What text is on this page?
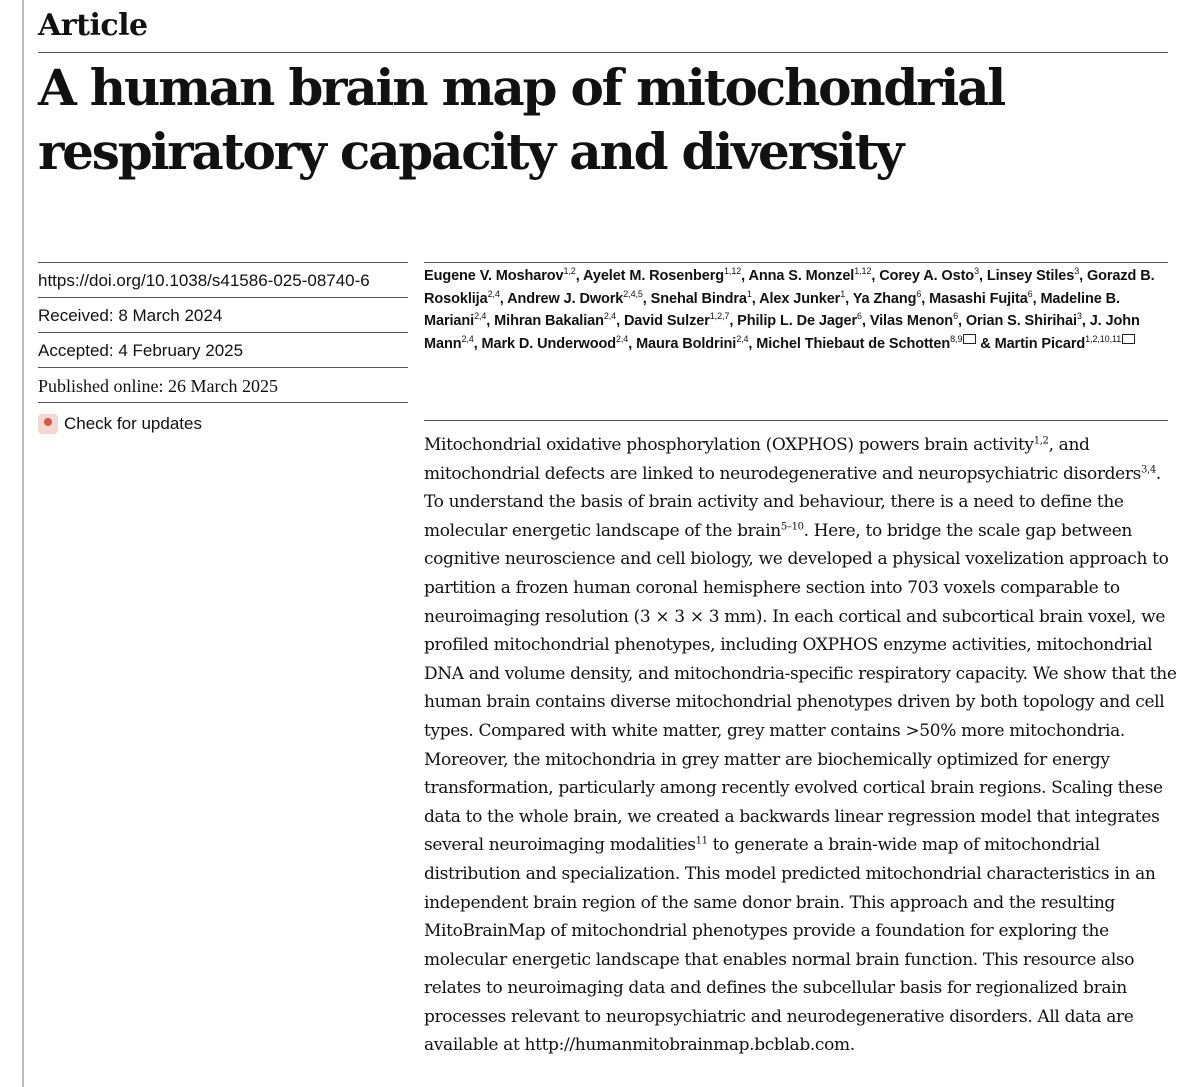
Article
A human brain map of mitochondrial respiratory capacity and diversity
https://doi.org/10.1038/s41586-025-08740-6
Received: 8 March 2024
Accepted: 4 February 2025
Published online: 26 March 2025
Check for updates
Eugene V. Mosharov$^{1,2}$, Ayelet M. Rosenberg$^{1,12}$, Anna S. Monzel$^{1,12}$, Corey A. Osto$^3$, Linsey Stiles$^3$, Gorazd B. Rosoklija$^{2,4}$, Andrew J. Dwork$^{2,4,5}$, Snehal Bindra$^1$, Alex Junker$^1$, Ya Zhang$^6$, Masashi Fujita$^6$, Madeline B. Mariani$^{2,4}$, Mihran Bakalian$^{2,4}$, David Sulzer$^{1,2,7}$, Philip L. De Jager$^6$, Vilas Menon$^6$, Orian S. Shirihai$^3$, J. John Mann$^{2,4}$, Mark D. Underwood$^{2,4}$, Maura Boldrini$^{2,4}$, Michel Thiebaut de Schotten$^{8,9}$ & Martin Picard$^{1,2,10,11}$

Mitochondrial oxidative phosphorylation (OXPHOS) powers brain activity$^{1,2}$, and mitochondrial defects are linked to neurodegenerative and neuropsychiatric disorders$^{3,4}$. To understand the basis of brain activity and behaviour, there is a need to define the molecular energetic landscape of the brain$^{5-10}$. Here, to bridge the scale gap between cognitive neuroscience and cell biology, we developed a physical voxelization approach to partition a frozen human coronal hemisphere section into 703 voxels comparable to neuroimaging resolution (3 × 3 × 3 mm). In each cortical and subcortical brain voxel, we profiled mitochondrial phenotypes, including OXPHOS enzyme activities, mitochondrial DNA and volume density, and mitochondria-specific respiratory capacity. We show that the human brain contains diverse mitochondrial phenotypes driven by both topology and cell types. Compared with white matter, grey matter contains >50% more mitochondria. Moreover, the mitochondria in grey matter are biochemically optimized for energy transformation, particularly among recently evolved cortical brain regions. Scaling these data to the whole brain, we created a backwards linear regression model that integrates several neuroimaging modalities$^{11}$ to generate a brain-wide map of mitochondrial distribution and specialization. This model predicted mitochondrial characteristics in an independent brain region of the same donor brain. This approach and the resulting MitoBrainMap of mitochondrial phenotypes provide a foundation for exploring the molecular energetic landscape that enables normal brain function. This resource also relates to neuroimaging data and defines the subcellular basis for regionalized brain processes relevant to neuropsychiatric and neurodegenerative disorders. All data are available at http://humanmitobrainmap.bcblab.com.
